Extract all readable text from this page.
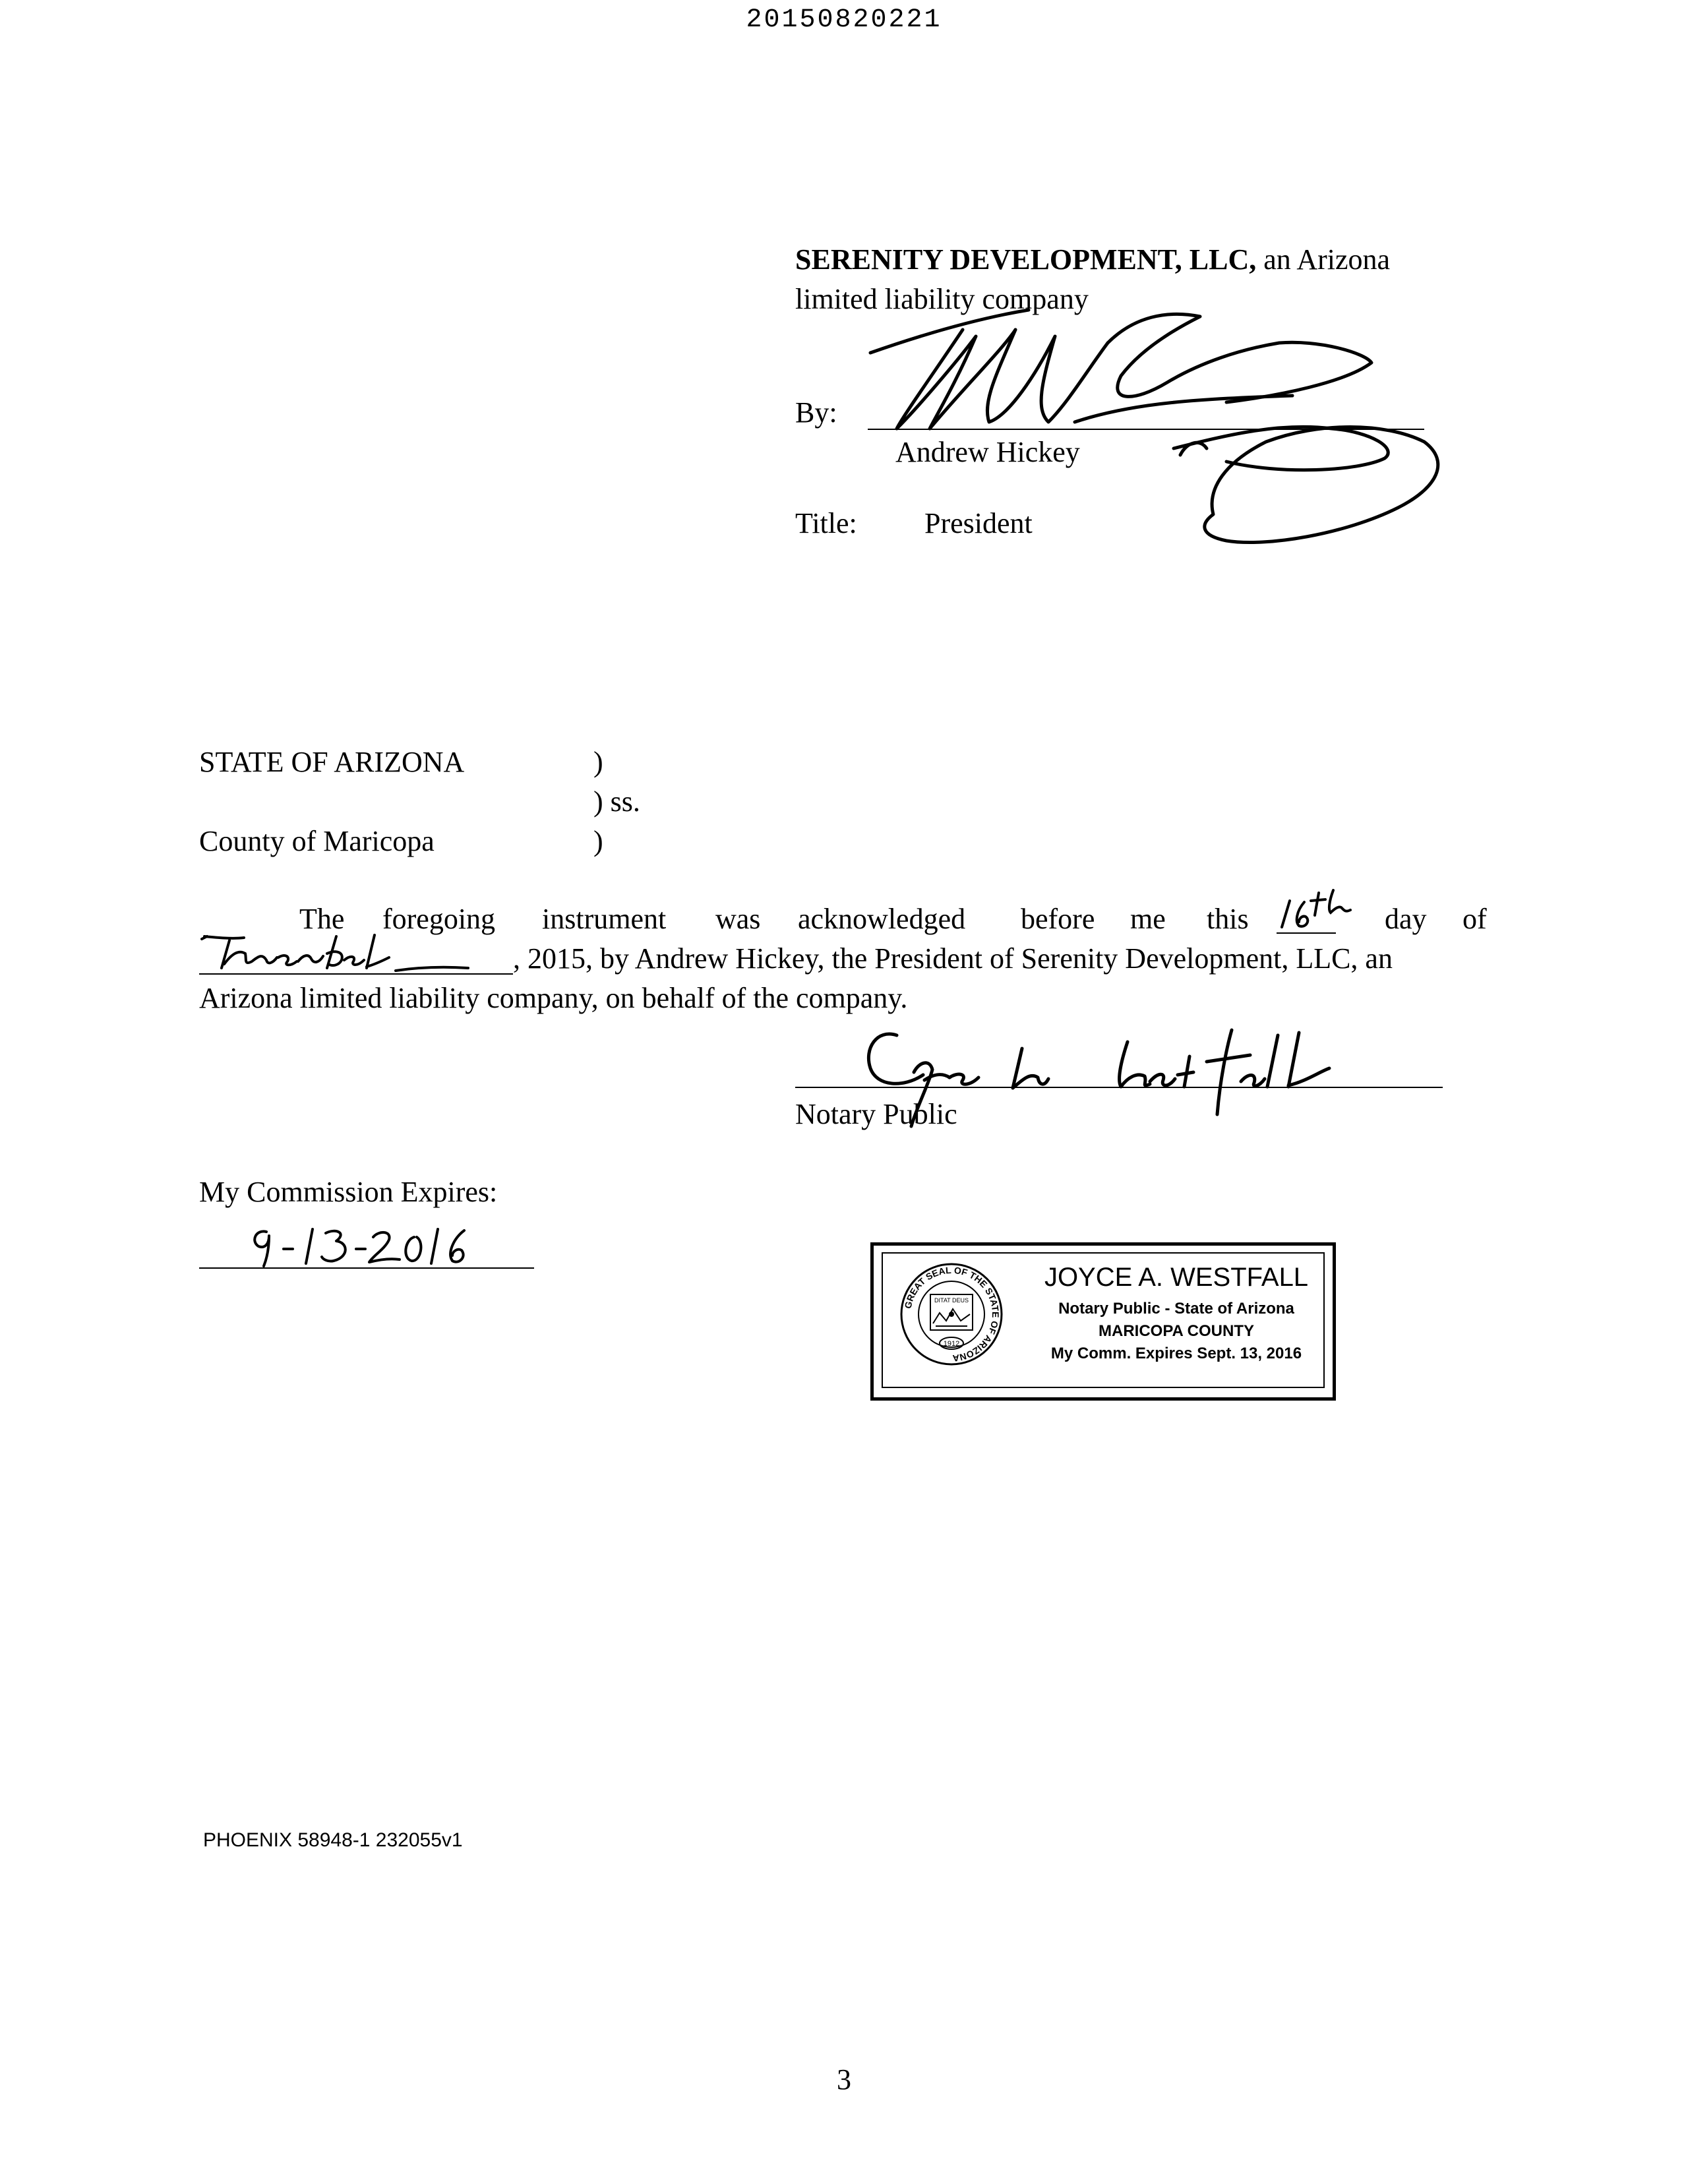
20150820221
SERENITY DEVELOPMENT, LLC, an Arizona
limited liability company
By:
Andrew Hickey
Title: President
STATE OF ARIZONA	)
) ss.
County of Maricopa	)
The foregoing instrument was acknowledged before me this	day of
, 2015, by Andrew Hickey, the President of Serenity Development, LLC, an
Arizona limited liability company, on behalf of the company.
Notary Public
My Commission Expires:
GREAT SEAL OF THE STATE OF ARIZONA
DITAT DEUS
1912
JOYCE A. WESTFALL
Notary Public - State of Arizona
MARICOPA COUNTY
My Comm. Expires Sept. 13, 2016
PHOENIX 58948-1 232055v1
3
